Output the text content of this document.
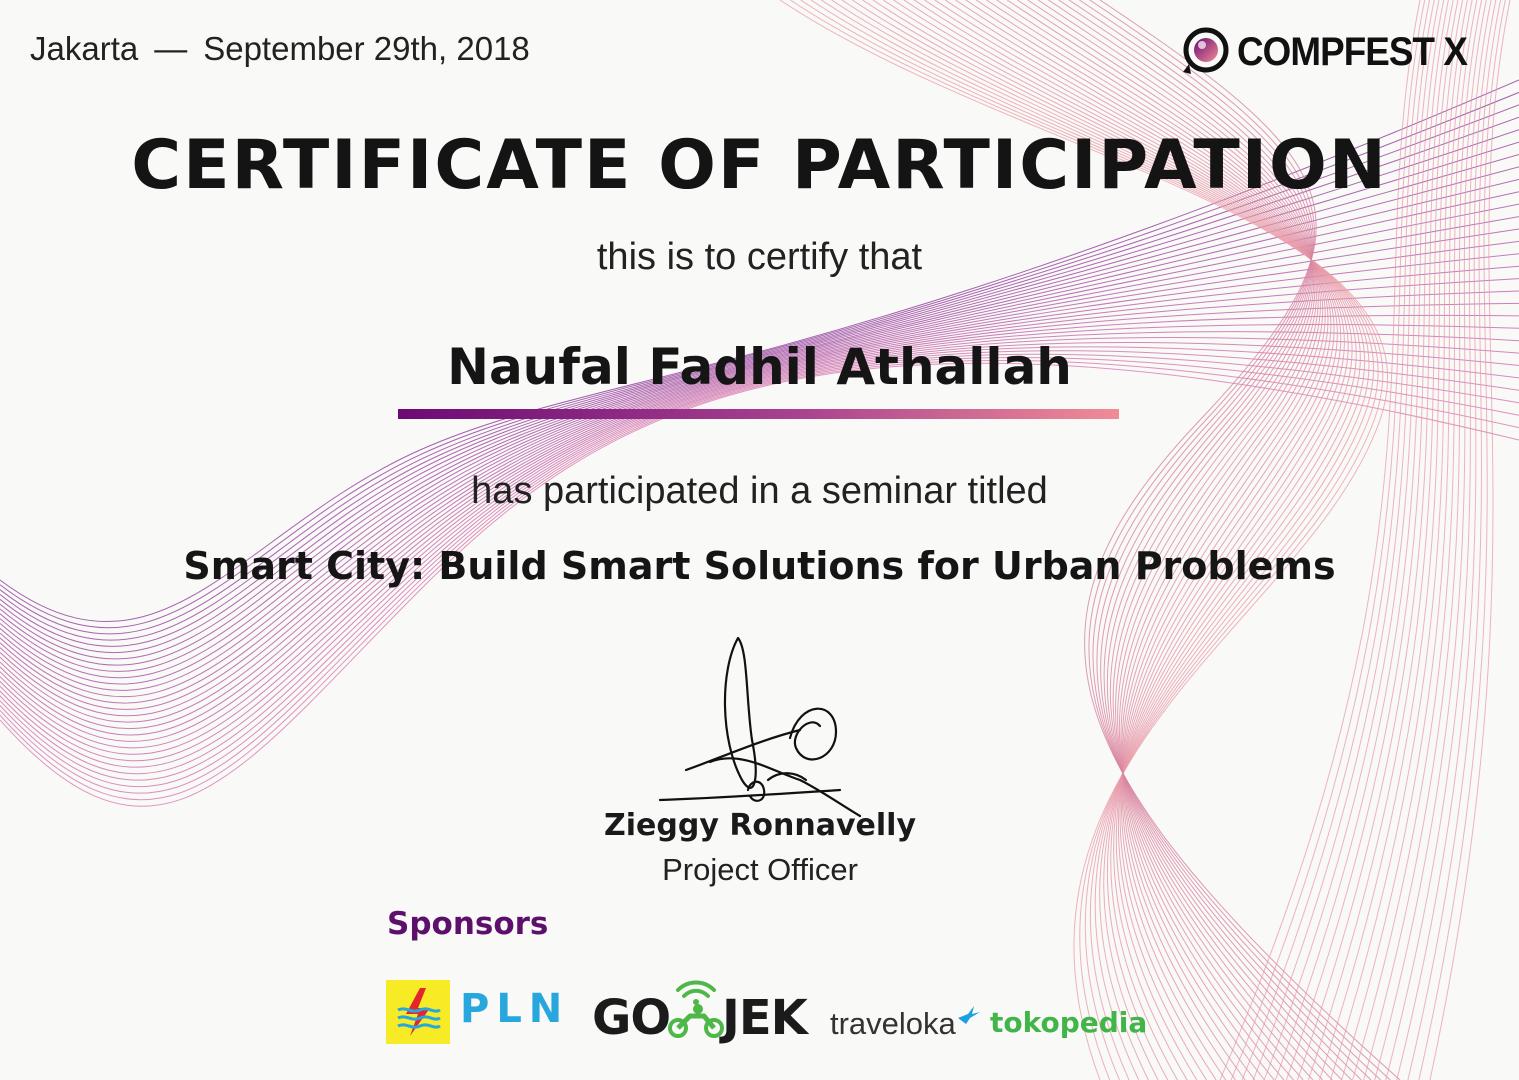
Jakarta — September 29th, 2018	COMPFEST X
CERTIFICATE OF PARTICIPATION
this is to certify that
Naufal Fadhil Athallah
has participated in a seminar titled
Smart City: Build Smart Solutions for Urban Problems
Zieggy Ronnavelly
Project Officer
Sponsors
PLN GO JEK traveloka tokopedia
